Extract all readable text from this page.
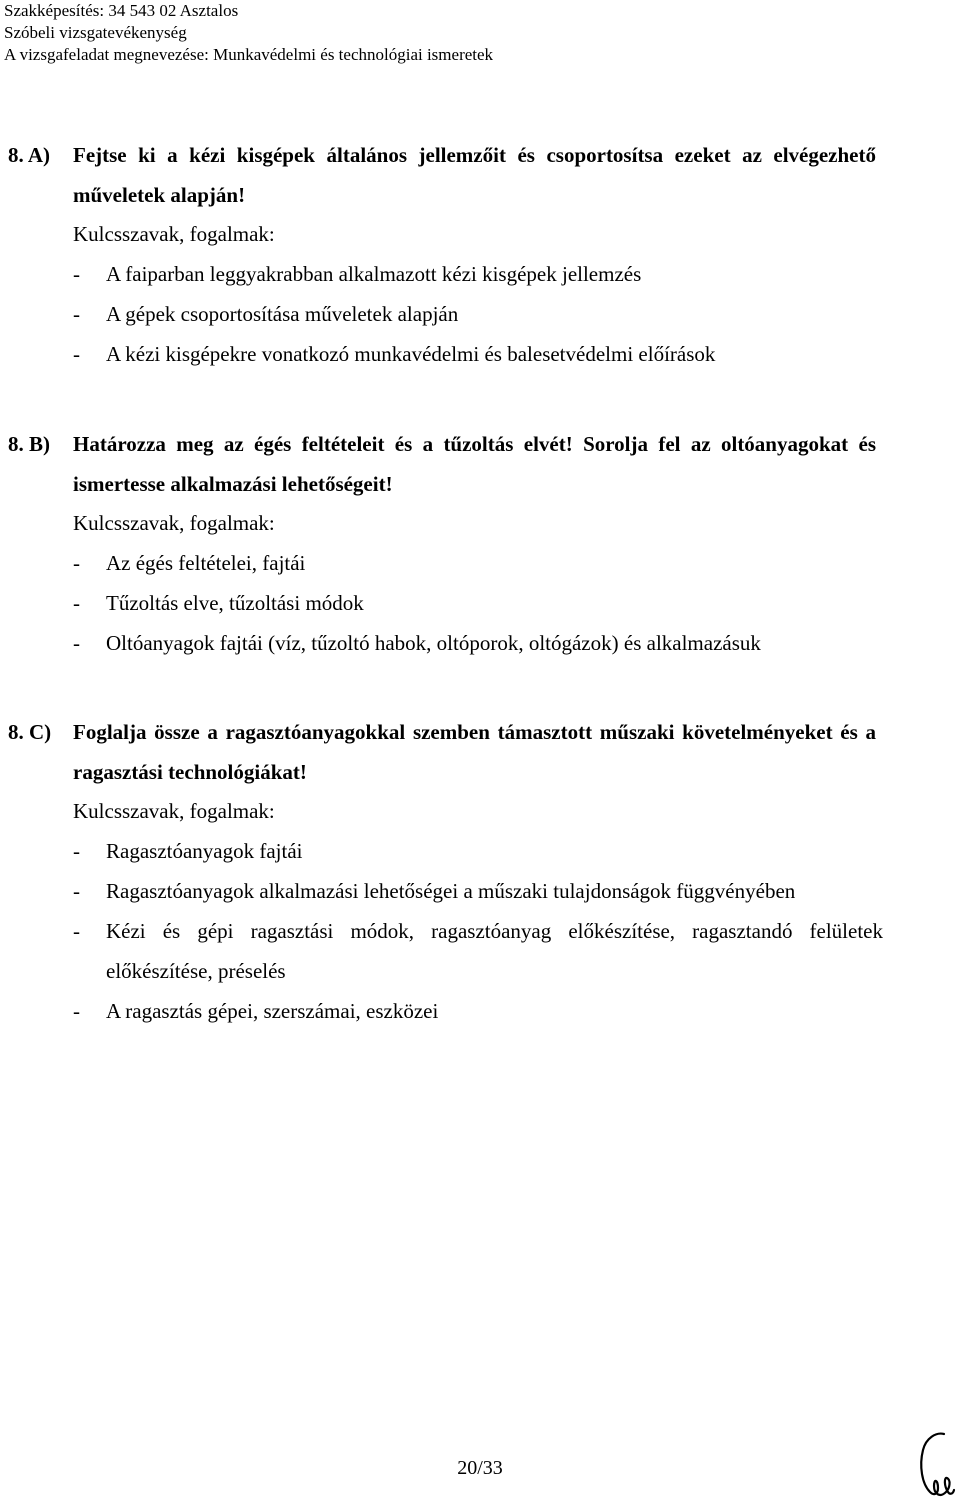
Szakképesítés: 34 543 02 Asztalos
Szóbeli vizsgatevékenység
A vizsgafeladat megnevezése: Munkavédelmi és technológiai ismeretek
8. A) Fejtse ki a kézi kisgépek általános jellemzőit és csoportosítsa ezeket az elvégezhető műveletek alapján!
Kulcsszavak, fogalmak:
- A faiparban leggyakrabban alkalmazott kézi kisgépek jellemzés
- A gépek csoportosítása műveletek alapján
- A kézi kisgépekre vonatkozó munkavédelmi és balesetvédelmi előírások
8. B) Határozza meg az égés feltételeit és a tűzoltás elvét! Sorolja fel az oltóanyagokat és ismertesse alkalmazási lehetőségeit!
Kulcsszavak, fogalmak:
- Az égés feltételei, fajtái
- Tűzoltás elve, tűzoltási módok
- Oltóanyagok fajtái (víz, tűzoltó habok, oltóporok, oltógázok) és alkalmazásuk
8. C) Foglalja össze a ragasztóanyagokkal szemben támasztott műszaki követelményeket és a ragasztási technológiákat!
Kulcsszavak, fogalmak:
- Ragasztóanyagok fajtái
- Ragasztóanyagok alkalmazási lehetőségei a műszaki tulajdonságok függvényében
- Kézi és gépi ragasztási módok, ragasztóanyag előkészítése, ragasztandó felületek előkészítése, préselés
- A ragasztás gépei, szerszámai, eszközei
20/33
